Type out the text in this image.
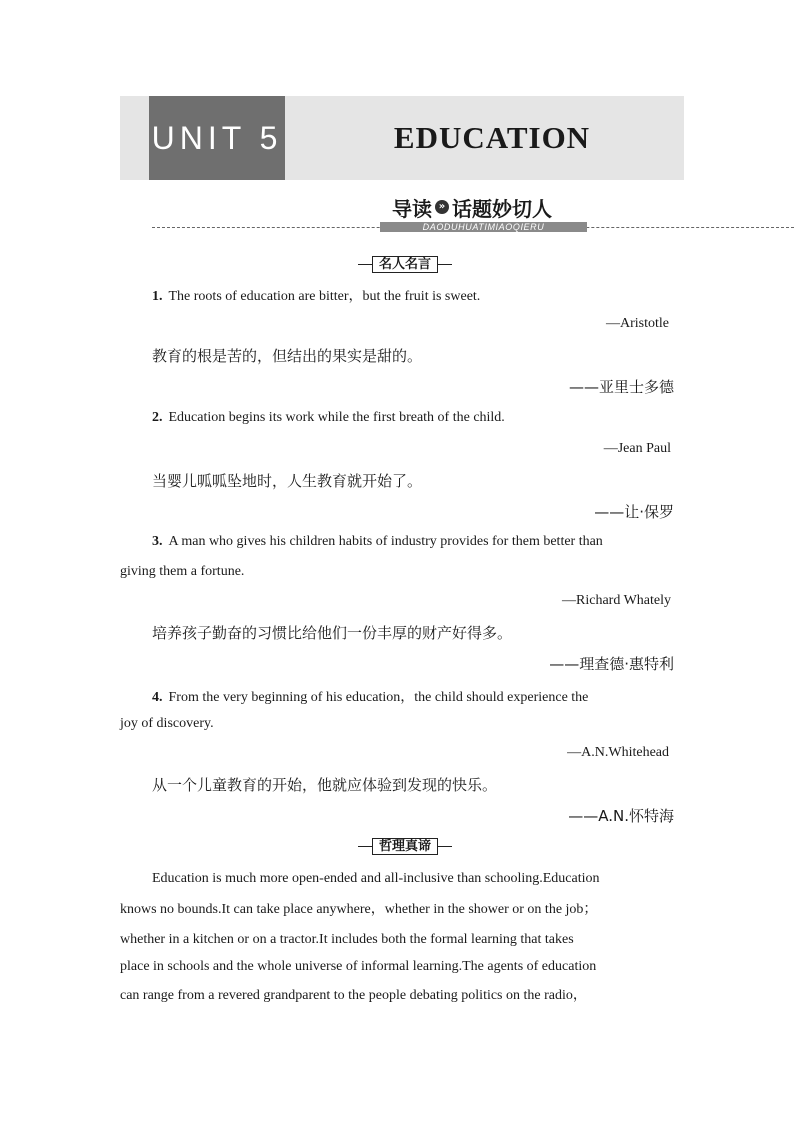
UNIT 5	EDUCATION
导读 » 话题妙切人
DAODUHUATIMIAOQIERU
名人名言
1. The roots of education are bitter，but the fruit is sweet.
—Aristotle
教育的根是苦的，但结出的果实是甜的。
——亚里士多德
2. Education begins its work while the first breath of the child.
—Jean Paul
当婴儿呱呱坠地时，人生教育就开始了。
——让·保罗
3. A man who gives his children habits of industry provides for them better than
giving them a fortune.
—Richard Whately
培养孩子勤奋的习惯比给他们一份丰厚的财产好得多。
——理查德·惠特利
4. From the very beginning of his education，the child should experience the
joy of discovery.
—A.N.Whitehead
从一个儿童教育的开始，他就应体验到发现的快乐。
——A.N.怀特海
哲理真谛
Education is much more open-ended and all-inclusive than schooling.Education
knows no bounds.It can take place anywhere，whether in the shower or on the job；
whether in a kitchen or on a tractor.It includes both the formal learning that takes
place in schools and the whole universe of informal learning.The agents of education
can range from a revered grandparent to the people debating politics on the radio，
